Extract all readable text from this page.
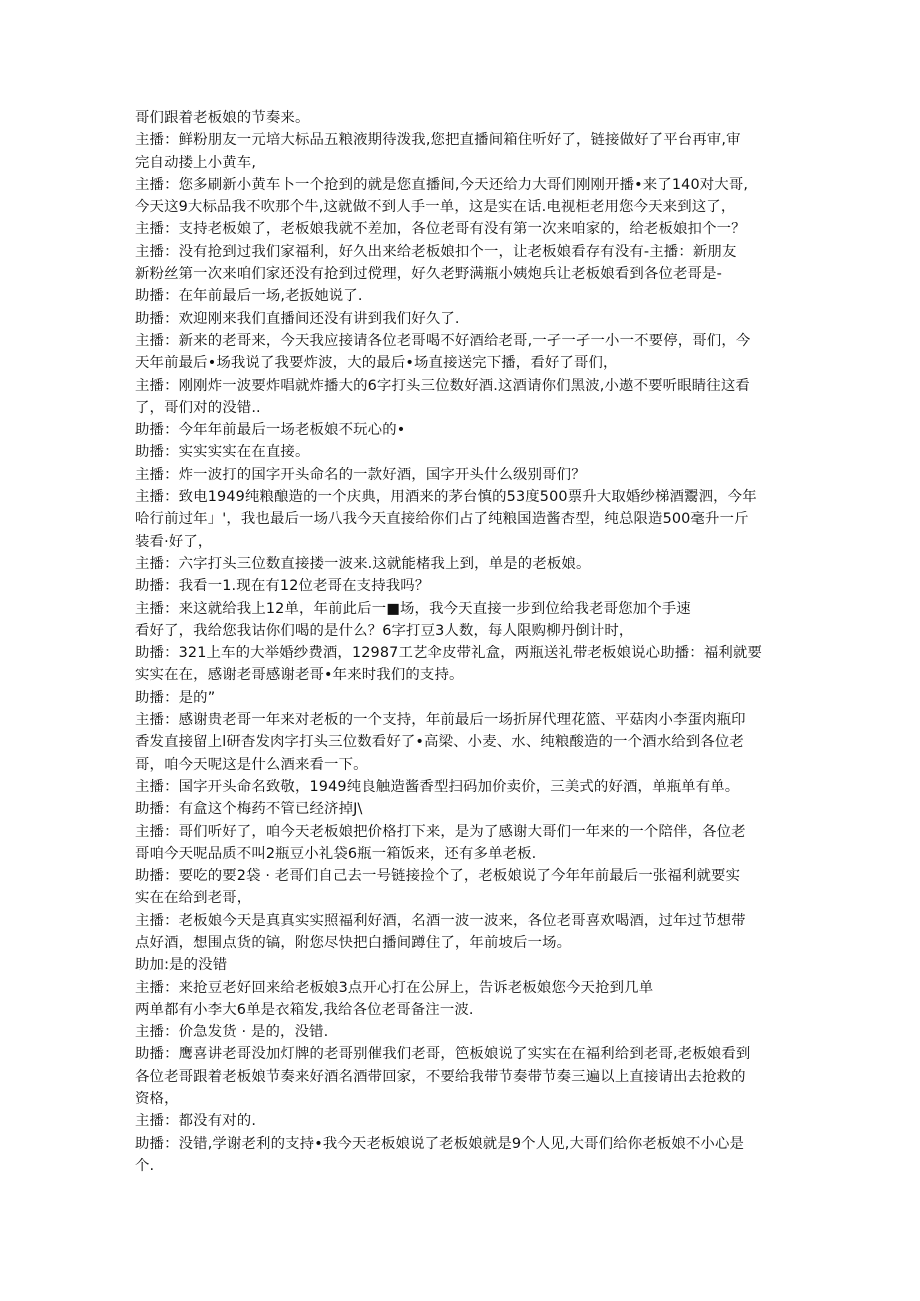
哥们跟着老板娘的节奏来。
主播：鲜粉朋友一元培大标品五粮液期待泼我,您把直播间箱住听好了，链接做好了平台再审,审
完自动搂上小黄车,
主播：您多刷新小黄车卜一个抢到的就是您直播间,今天还给力大哥们刚刚开播•来了140对大哥,
今天这9大标品我不吹那个牛,这就做不到人手一单，这是实在话.电视柜老用您今天来到这了，
主播：支持老板娘了，老板娘我就不差加，各位老哥有没有第一次来咱家的，给老板娘扣个一？
主播：没有抢到过我们家福利，好久出来给老板娘扣个一，让老板娘看存有没有-主播：新朋友
新粉丝第一次来咱们家还没有抢到过傥理，好久老野满瓶小姨炮兵让老板娘看到各位老哥是-
助播：在年前最后一场,老扳她说了.
助播：欢迎刚来我们直播间还没有讲到我们好久了.
主播：新来的老哥来，今天我应接请各位老哥喝不好酒给老哥,一孑一孑一小一不要停，哥们，今
天年前最后•场我说了我要炸波，大的最后•场直接送完下播，看好了哥们，
主播：刚刚炸一波要炸唱就炸播大的6字打头三位数好酒.这酒请你们黑波,小遨不要听眼睛往这看
了，哥们对的没错..
助播：今年年前最后一场老板娘不玩心的•
助播：实实实实在在直接。
主播：炸一波打的国字开头命名的一款好酒，国字开头什么级别哥们？
主播：致电1949纯粮酿造的一个庆典，用酒来的茅台慎的53度500票升大取婚纱梯酒鬻泗，今年
哈行前过年」'，我也最后一场八我今天直接给你们占了纯粮国造酱杏型，纯总限造500毫升一斤
装看·好了，
主播：六字打头三位数直接搂一波来.这就能楮我上到，单是的老板娘。
助播：我看一1.现在有12位老哥在支持我吗？
主播：来这就给我上12单，年前此后一■场，我今天直接一步到位给我老哥您加个手速
看好了，我给您我诂你们喝的是什么？6字打豆3人数，每人限购柳丹倒计时，
助播：321上车的大举婚纱费酒，12987工艺伞皮带礼盒，两瓶送礼带老板娘说心助播：福利就要
实实在在，感谢老哥感谢老哥•年来时我们的支持。
助播：是的”
主播：感谢贵老哥一年来对老板的一个支持，年前最后一场折屏代理花篮、平菇肉小李蛋肉瓶印
香发直接留上l研杳发肉字打头三位数看好了•高梁、小麦、水、纯粮酸造的一个酒水给到各位老
哥，咱今天呢这是什么酒来看一下。
主播：国字开头命名致敬，1949纯良触造酱香型扫码加价卖价，三美式的好酒，单瓶单有单。
助播：有盒这个梅药不管已经济掉J\
主播：哥们听好了，咱今天老板娘把价格打下来，是为了感谢大哥们一年来的一个陪伴，各位老
哥咱今天呢品质不叫2瓶豆小礼袋6瓶一箱饭来，还有多单老板.
助播：要吃的要2袋 · 老哥们自己去一号链接捡个了，老板娘说了今年年前最后一张福利就要实
实在在给到老哥，
主播：老板娘今天是真真实实照福利好酒，名酒一波一波来，各位老哥喜欢喝酒，过年过节想带
点好酒，想围点货的镐，附您尽快把白播间蹲住了，年前坡后一场。
助加:是的没错
主播：来抢豆老好回来给老板娘3点开心打在公屏上，告诉老板娘您今天抢到几单
两单都有小李大6单是衣箱发,我给各位老哥备注一波.
主播：价急发货 · 是的，没错.
助播：鹰喜讲老哥没加灯牌的老哥别催我们老哥，笆板娘说了实实在在福利给到老哥,老板娘看到
各位老哥跟着老板娘节奏来好酒名酒带回家，不要给我带节奏带节奏三遍以上直接请出去抢救的
资格，
主播：都没有对的.
助播：没错,学谢老利的支持•我今天老板娘说了老板娘就是9个人见,大哥们给你老板娘不小心是
个.
